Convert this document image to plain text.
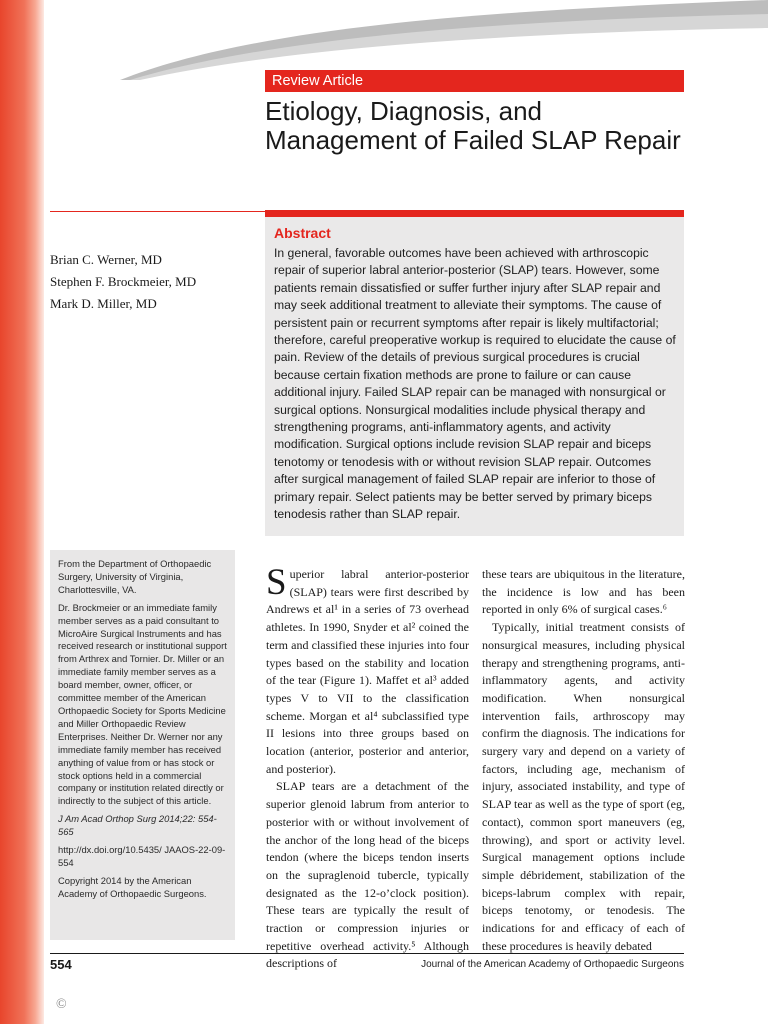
Review Article
Etiology, Diagnosis, and Management of Failed SLAP Repair
Brian C. Werner, MD
Stephen F. Brockmeier, MD
Mark D. Miller, MD
Abstract

In general, favorable outcomes have been achieved with arthroscopic repair of superior labral anterior-posterior (SLAP) tears. However, some patients remain dissatisfied or suffer further injury after SLAP repair and may seek additional treatment to alleviate their symptoms. The cause of persistent pain or recurrent symptoms after repair is likely multifactorial; therefore, careful preoperative workup is required to elucidate the cause of pain. Review of the details of previous surgical procedures is crucial because certain fixation methods are prone to failure or can cause additional injury. Failed SLAP repair can be managed with nonsurgical or surgical options. Nonsurgical modalities include physical therapy and strengthening programs, anti-inflammatory agents, and activity modification. Surgical options include revision SLAP repair and biceps tenotomy or tenodesis with or without revision SLAP repair. Outcomes after surgical management of failed SLAP repair are inferior to those of primary repair. Select patients may be better served by primary biceps tenodesis rather than SLAP repair.

From the Department of Orthopaedic Surgery, University of Virginia, Charlottesville, VA.

Dr. Brockmeier or an immediate family member serves as a paid consultant to MicroAire Surgical Instruments and has received research or institutional support from Arthrex and Tornier. Dr. Miller or an immediate family member serves as a board member, owner, officer, or committee member of the American Orthopaedic Society for Sports Medicine and Miller Orthopaedic Review Enterprises. Neither Dr. Werner nor any immediate family member has received anything of value from or has stock or stock options held in a commercial company or institution related directly or indirectly to the subject of this article.

J Am Acad Orthop Surg 2014;22: 554-565

http://dx.doi.org/10.5435/ JAAOS-22-09-554

Copyright 2014 by the American Academy of Orthopaedic Surgeons.

Superior labral anterior-posterior (SLAP) tears were first described by Andrews et al¹ in a series of 73 overhead athletes. In 1990, Snyder et al² coined the term and classified these injuries into four types based on the stability and location of the tear (Figure 1). Maffet et al³ added types V to VII to the classification scheme. Morgan et al⁴ subclassified type II lesions into three groups based on location (anterior, posterior and anterior, and posterior).

SLAP tears are a detachment of the superior glenoid labrum from anterior to posterior with or without involvement of the anchor of the long head of the biceps tendon (where the biceps tendon inserts on the supraglenoid tubercle, typically designated as the 12-o’clock position). These tears are typically the result of traction or compression injuries or repetitive overhead activity.⁵ Although descriptions of

these tears are ubiquitous in the literature, the incidence is low and has been reported in only 6% of surgical cases.⁶

Typically, initial treatment consists of nonsurgical measures, including physical therapy and strengthening programs, anti-inflammatory agents, and activity modification. When nonsurgical intervention fails, arthroscopy may confirm the diagnosis. The indications for surgery vary and depend on a variety of factors, including age, mechanism of injury, associated instability, and type of SLAP tear as well as the type of sport (eg, contact), common sport maneuvers (eg, throwing), and sport or activity level. Surgical management options include simple débridement, stabilization of the biceps-labrum complex with repair, biceps tenotomy, or tenodesis. The indications for and efficacy of each of these procedures is heavily debated

554	Journal of the American Academy of Orthopaedic Surgeons
©
